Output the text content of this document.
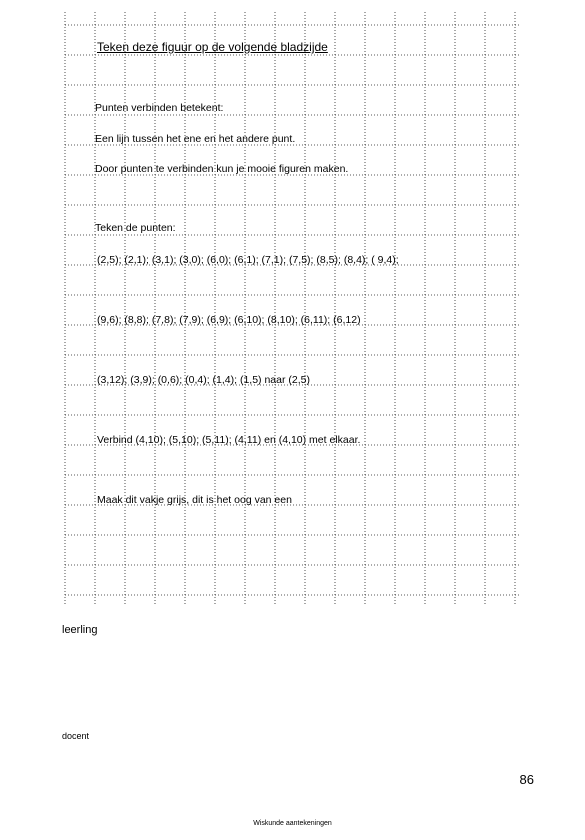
Teken deze figuur op de volgende bladzijde
Punten verbinden betekent:
Een lijn tussen het ene en het andere punt.
Door punten te verbinden kun je mooie figuren maken.
Teken de punten:
(2,5); (2,1); (3,1); (3,0); (6,0); (6,1); (7,1); (7,5); (8,5); (8,4); ( 9,4);
(9,6); (8,8); (7,8); (7,9); (6,9); (6,10); (8,10); (6,11); (6,12)
(3,12); (3,9); (0,6); (0,4); (1,4); (1,5) naar (2,5)
Verbind (4,10); (5,10); (5,11); (4,11) en (4,10) met elkaar.
Maak dit vakje grijs, dit is het oog van een
leerling
docent
86
Wiskunde aantekeningen
